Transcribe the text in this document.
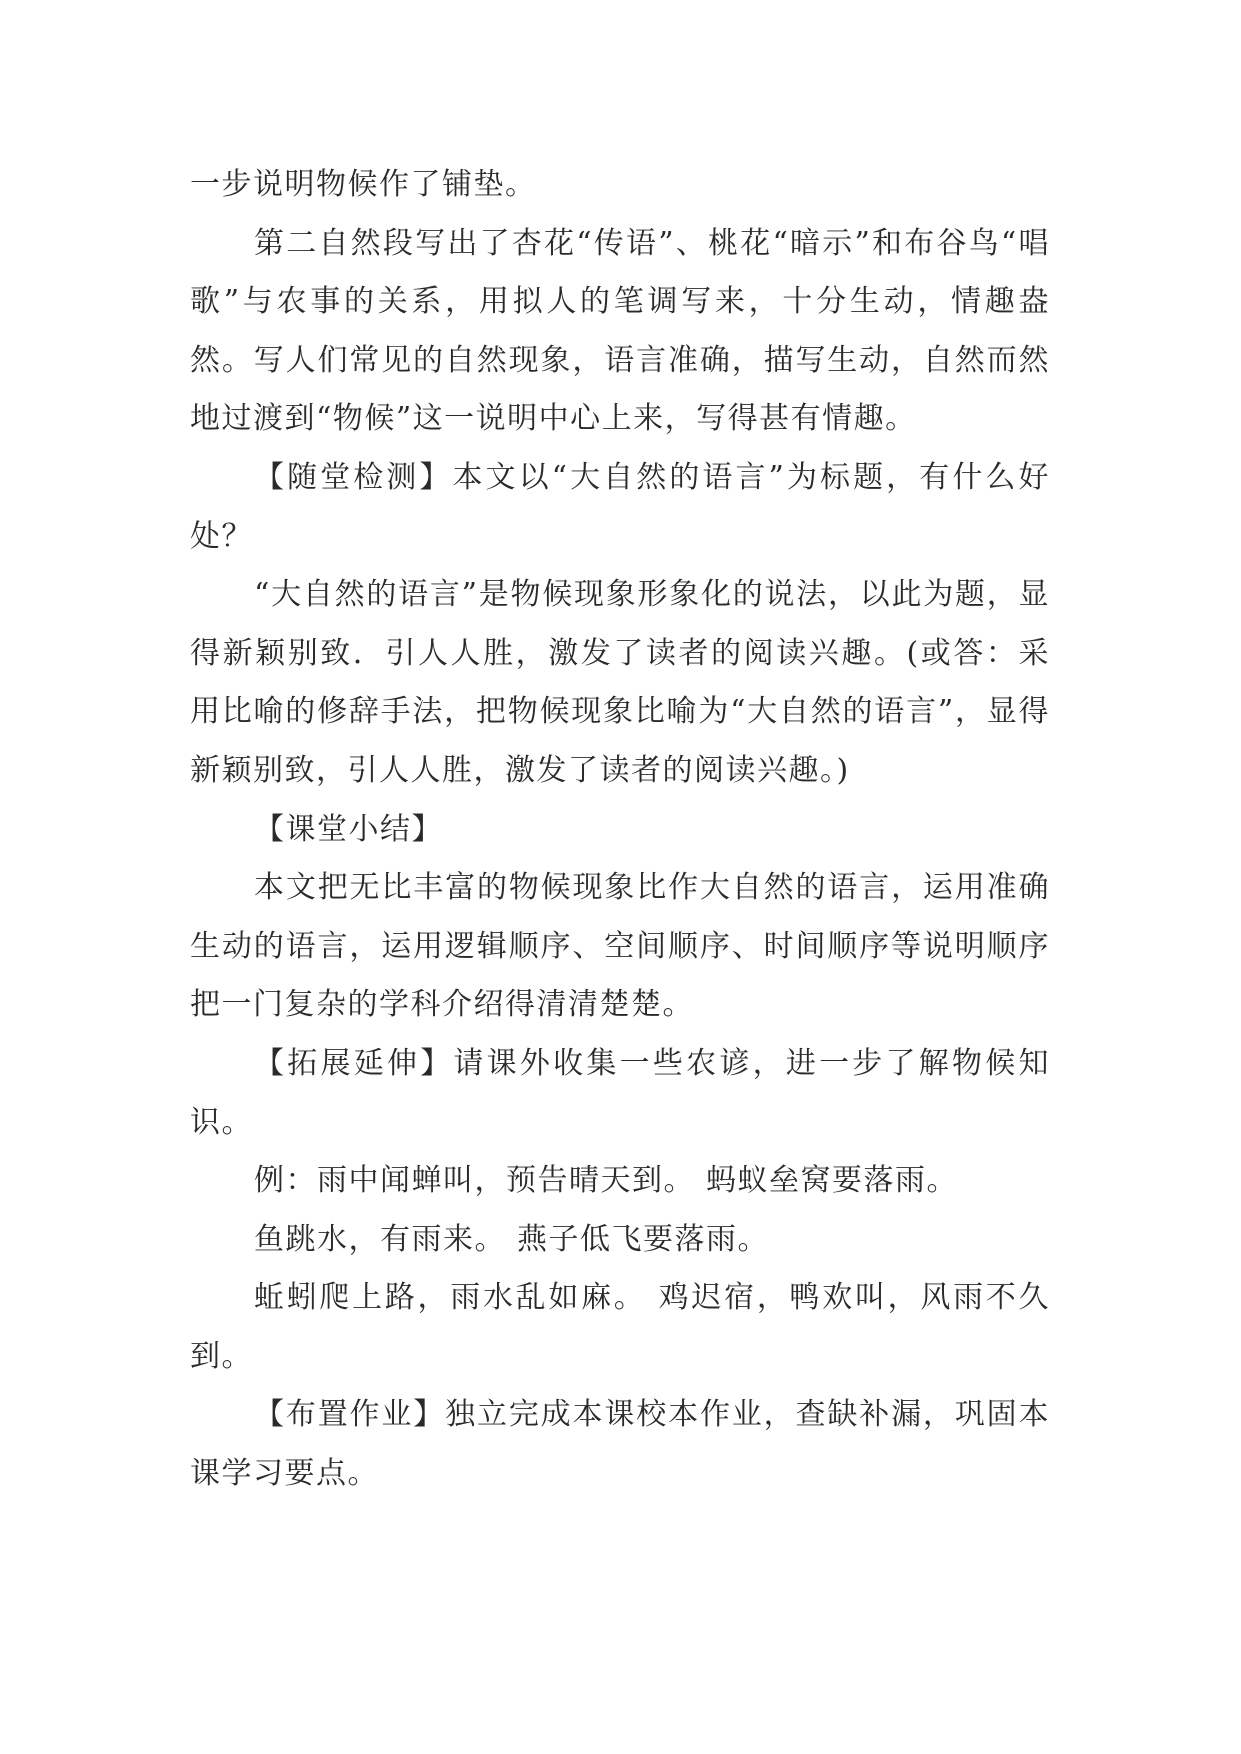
一步说明物候作了铺垫。

第二自然段写出了杏花“传语”、桃花“暗示”和布谷鸟“唱歌”与农事的关系，用拟人的笔调写来，十分生动，情趣盎然。写人们常见的自然现象，语言准确，描写生动，自然而然地过渡到“物候”这一说明中心上来，写得甚有情趣。

【随堂检测】本文以“大自然的语言”为标题，有什么好处？

“大自然的语言”是物候现象形象化的说法，以此为题，显得新颖别致．引人人胜，激发了读者的阅读兴趣。(或答：采用比喻的修辞手法，把物候现象比喻为“大自然的语言”，显得新颖别致，引人人胜，激发了读者的阅读兴趣。)

【课堂小结】

本文把无比丰富的物候现象比作大自然的语言，运用准确生动的语言，运用逻辑顺序、空间顺序、时间顺序等说明顺序把一门复杂的学科介绍得清清楚楚。

【拓展延伸】请课外收集一些农谚，进一步了解物候知识。

例：雨中闻蝉叫，预告晴天到。 蚂蚁垒窝要落雨。

鱼跳水，有雨来。 燕子低飞要落雨。

蚯蚓爬上路，雨水乱如麻。 鸡迟宿，鸭欢叫，风雨不久到。

【布置作业】独立完成本课校本作业，查缺补漏，巩固本课学习要点。
